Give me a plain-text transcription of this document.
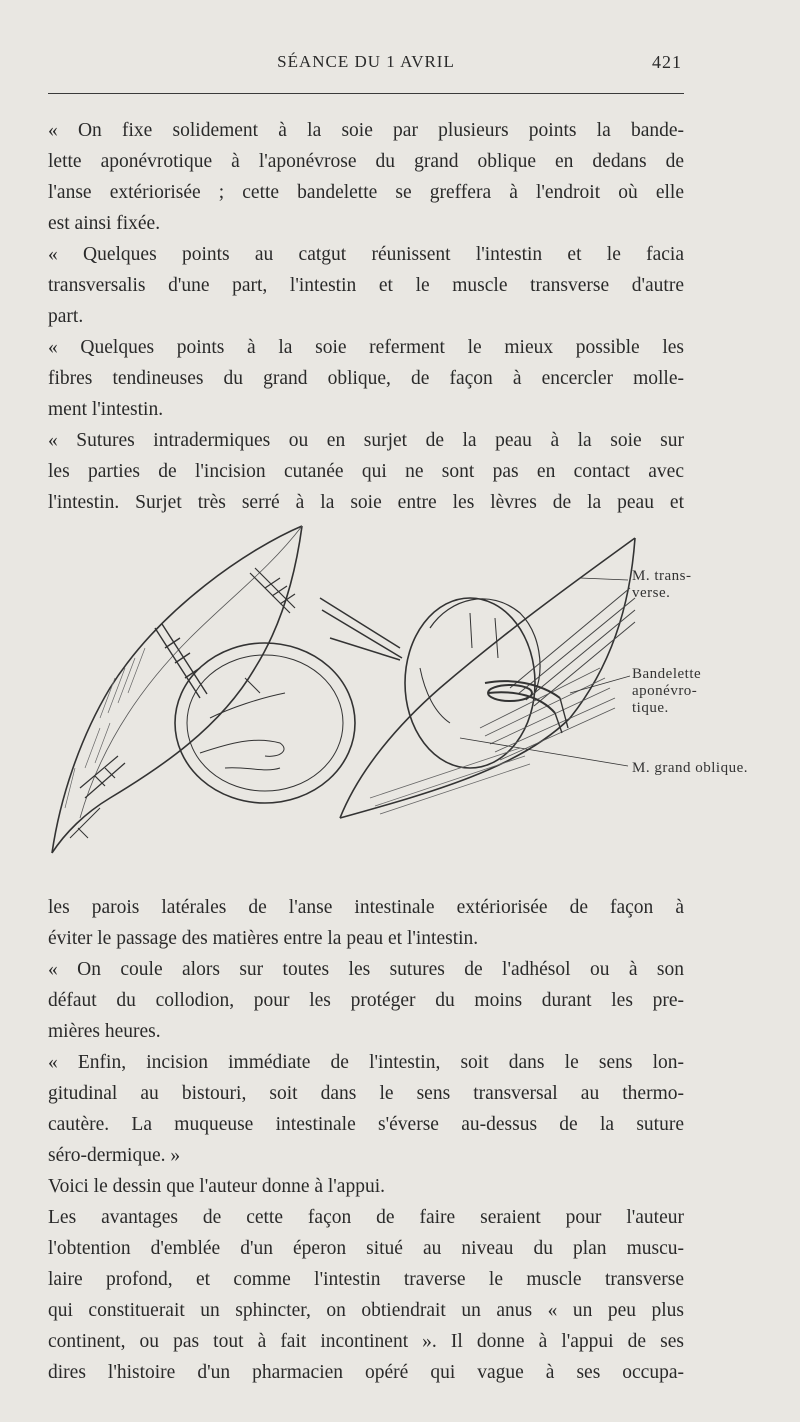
SÉANCE DU 1 AVRIL	421
« On fixe solidement à la soie par plusieurs points la bande-
lette aponévrotique à l'aponévrose du grand oblique en dedans de
l'anse extériorisée ; cette bandelette se greffera à l'endroit où elle
est ainsi fixée.
« Quelques points au catgut réunissent l'intestin et le facia
transversalis d'une part, l'intestin et le muscle transverse d'autre
part.
« Quelques points à la soie referment le mieux possible les
fibres tendineuses du grand oblique, de façon à encercler molle-
ment l'intestin.
« Sutures intradermiques ou en surjet de la peau à la soie sur
les parties de l'incision cutanée qui ne sont pas en contact avec
l'intestin. Surjet très serré à la soie entre les lèvres de la peau et
M. trans-
verse.
Bandelette
aponévro-
tique.
M. grand oblique.
les parois latérales de l'anse intestinale extériorisée de façon à
éviter le passage des matières entre la peau et l'intestin.
« On coule alors sur toutes les sutures de l'adhésol ou à son
défaut du collodion, pour les protéger du moins durant les pre-
mières heures.
« Enfin, incision immédiate de l'intestin, soit dans le sens lon-
gitudinal au bistouri, soit dans le sens transversal au thermo-
cautère. La muqueuse intestinale s'éverse au-dessus de la suture
séro-dermique. »
Voici le dessin que l'auteur donne à l'appui.
Les avantages de cette façon de faire seraient pour l'auteur
l'obtention d'emblée d'un éperon situé au niveau du plan muscu-
laire profond, et comme l'intestin traverse le muscle transverse
qui constituerait un sphincter, on obtiendrait un anus « un peu plus
continent, ou pas tout à fait incontinent ». Il donne à l'appui de ses
dires l'histoire d'un pharmacien opéré qui vague à ses occupa-
